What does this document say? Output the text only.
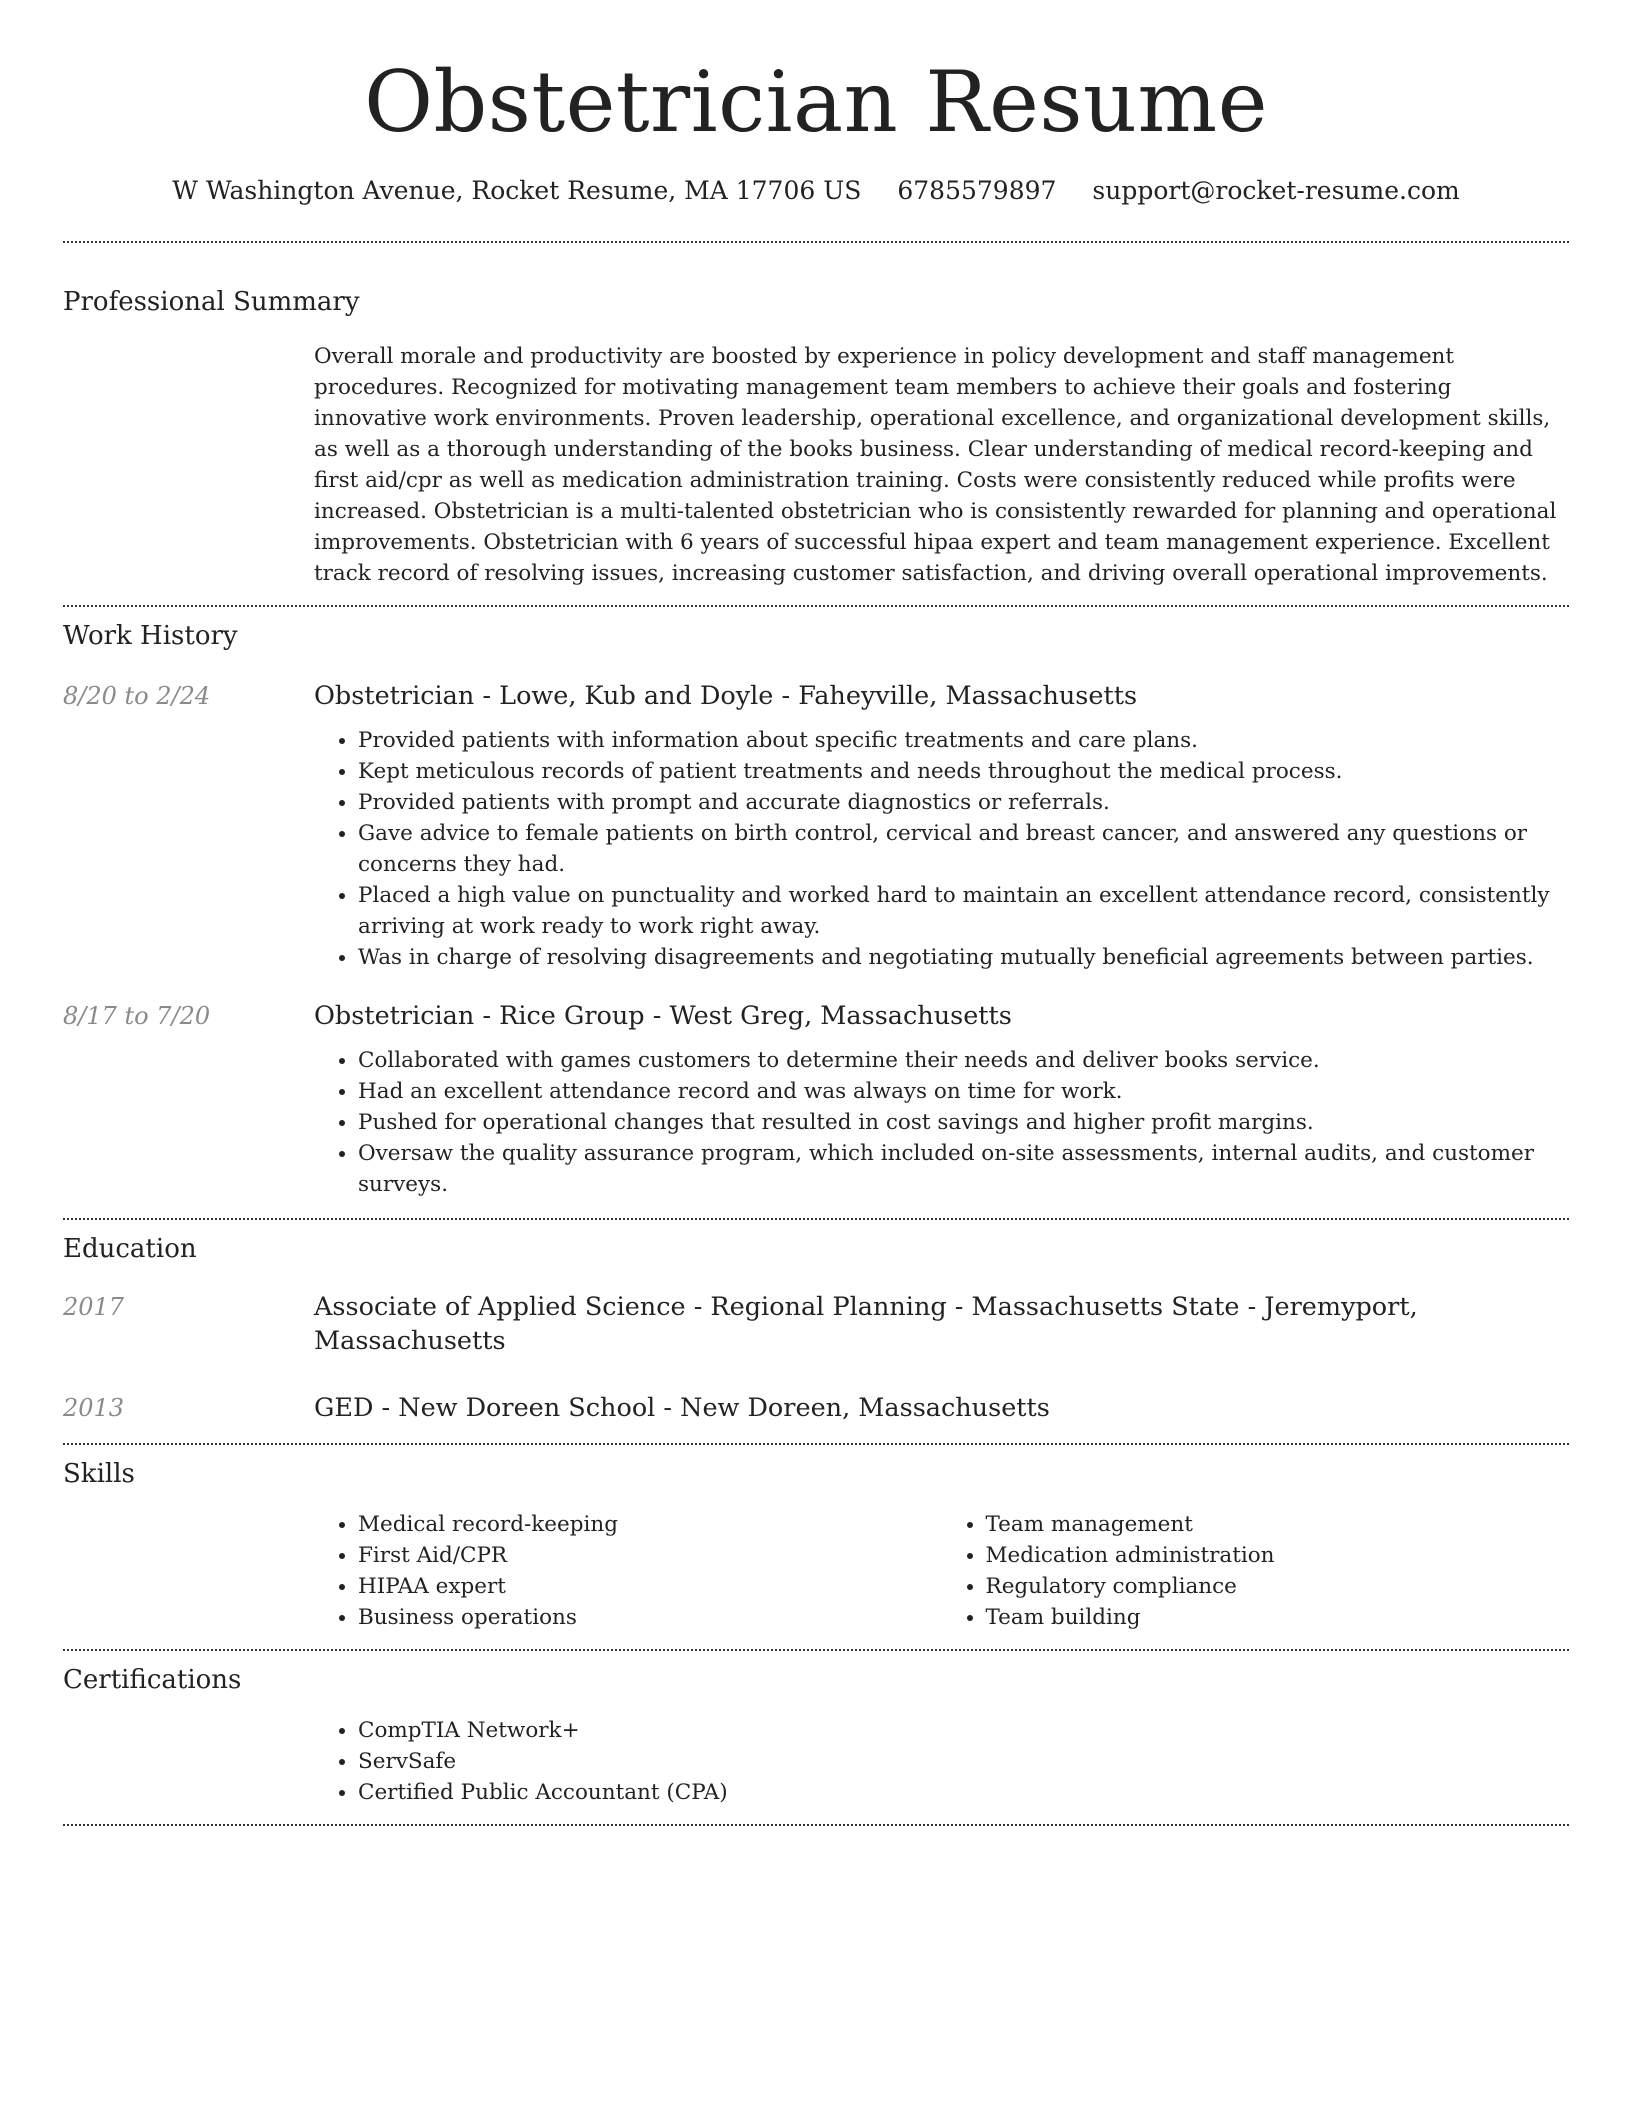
Obstetrician Resume
W Washington Avenue, Rocket Resume, MA 17706 US 6785579897 support@rocket-resume.com
Professional Summary

Overall morale and productivity are boosted by experience in policy development and staff management procedures. Recognized for motivating management team members to achieve their goals and fostering innovative work environments. Proven leadership, operational excellence, and organizational development skills, as well as a thorough understanding of the books business. Clear understanding of medical record-keeping and first aid/cpr as well as medication administration training. Costs were consistently reduced while profits were increased. Obstetrician is a multi-talented obstetrician who is consistently rewarded for planning and operational improvements. Obstetrician with 6 years of successful hipaa expert and team management experience. Excellent track record of resolving issues, increasing customer satisfaction, and driving overall operational improvements.

Work History
8/20 to 2/24	Obstetrician - Lowe, Kub and Doyle - Faheyville, Massachusetts
• Provided patients with information about specific treatments and care plans.
• Kept meticulous records of patient treatments and needs throughout the medical process.
• Provided patients with prompt and accurate diagnostics or referrals.
• Gave advice to female patients on birth control, cervical and breast cancer, and answered any questions or concerns they had.
• Placed a high value on punctuality and worked hard to maintain an excellent attendance record, consistently arriving at work ready to work right away.
• Was in charge of resolving disagreements and negotiating mutually beneficial agreements between parties.
8/17 to 7/20	Obstetrician - Rice Group - West Greg, Massachusetts
• Collaborated with games customers to determine their needs and deliver books service.
• Had an excellent attendance record and was always on time for work.
• Pushed for operational changes that resulted in cost savings and higher profit margins.
• Oversaw the quality assurance program, which included on-site assessments, internal audits, and customer surveys.
Education
2017	Associate of Applied Science - Regional Planning - Massachusetts State - Jeremyport, Massachusetts
2013	GED - New Doreen School - New Doreen, Massachusetts
Skills
• Medical record-keeping
• First Aid/CPR
• HIPAA expert
• Business operations
• Team management
• Medication administration
• Regulatory compliance
• Team building
Certifications
• CompTIA Network+
• ServSafe
• Certified Public Accountant (CPA)
